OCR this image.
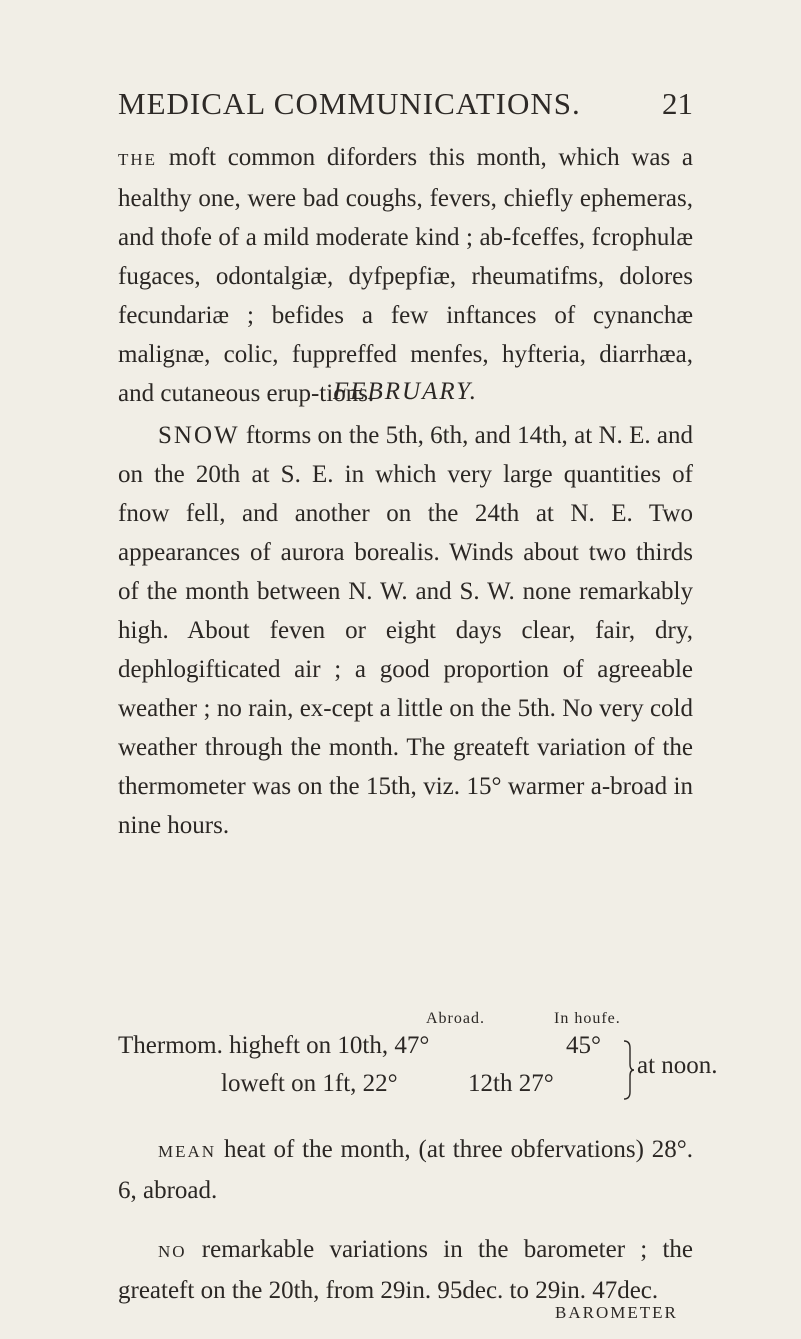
MEDICAL COMMUNICATIONS.	21
THE moft common diforders this month, which was a healthy one, were bad coughs, fevers, chiefly ephemeras, and thofe of a mild moderate kind ; ab-fceffes, fcrophulæ fugaces, odontalgiæ, dyfpepfiæ, rheumatifms, dolores fecundariæ ; befides a few inftances of cynanchæ malignæ, colic, fuppreffed menfes, hyfteria, diarrhæa, and cutaneous erup-tions.
FEBRUARY.
SNOW ftorms on the 5th, 6th, and 14th, at N. E. and on the 20th at S. E. in which very large quantities of fnow fell, and another on the 24th at N. E. Two appearances of aurora borealis. Winds about two thirds of the month between N. W. and S. W. none remarkably high. About feven or eight days clear, fair, dry, dephlogifticated air ; a good proportion of agreeable weather ; no rain, ex-cept a little on the 5th. No very cold weather through the month. The greateft variation of the thermometer was on the 15th, viz. 15° warmer a-broad in nine hours.
Abroad.	In houfe.
Thermom. higheft on 10th, 47°	45°
loweft on 1ft, 22°	12th 27°
at noon.
MEAN heat of the month, (at three obfervations) 28°. 6, abroad.
NO remarkable variations in the barometer ; the greateft on the 20th, from 29in. 95dec. to 29in. 47dec.
BAROMETER
